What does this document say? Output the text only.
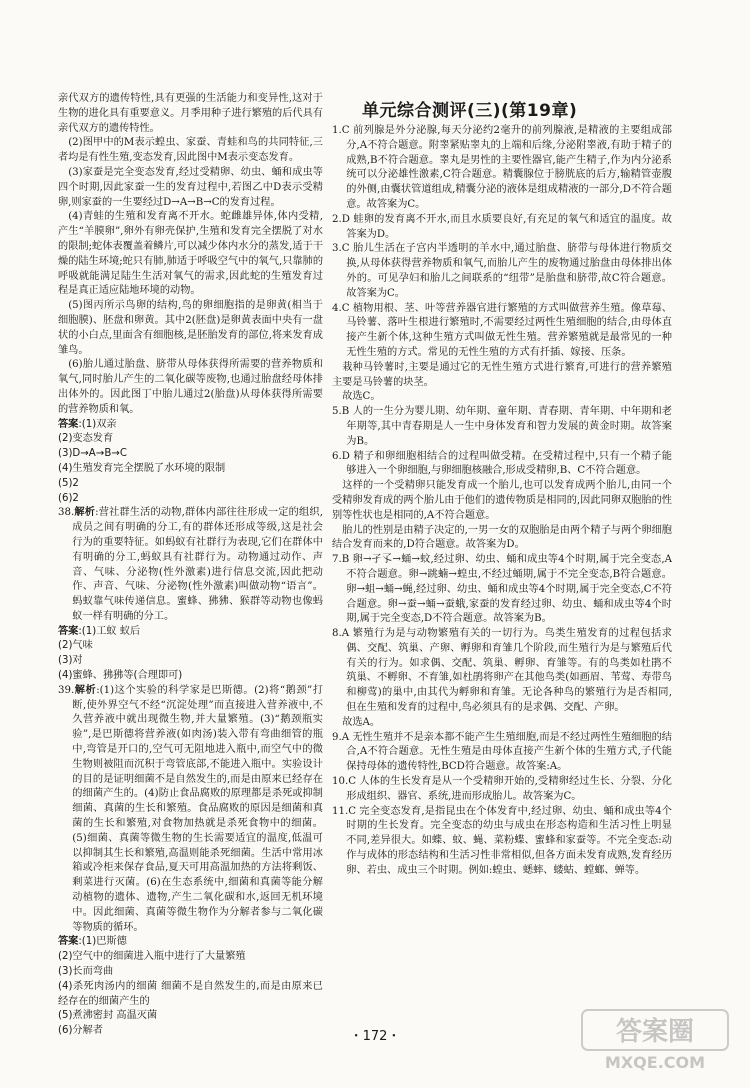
亲代双方的遗传特性,具有更强的生活能力和变异性,这对于生物的进化具有重要意义。月季用种子进行繁殖的后代具有亲代双方的遗传特性。

(2)图甲中的M表示蝗虫、家蚕、青蛙和鸟的共同特征,三者均是有性生殖,变态发育,因此图中M表示变态发育。

(3)家蚕是完全变态发育,经过受精卵、幼虫、蛹和成虫等四个时期,因此家蚕一生的发育过程中,若图乙中D表示受精卵,则家蚕的一生要经过D→A→B→C的发育过程。

(4)青蛙的生殖和发育离不开水。蛇雌雄异体,体内受精,产生“羊膜卵”,卵外有卵壳保护,生殖和发育完全摆脱了对水的限制;蛇体表覆盖着鳞片,可以减少体内水分的蒸发,适于干燥的陆生环境;蛇只有肺,肺适于呼吸空气中的氧气,只靠肺的呼吸就能满足陆生生活对氧气的需求,因此蛇的生殖发育过程是真正适应陆地环境的动物。

(5)图丙所示鸟卵的结构,鸟的卵细胞指的是卵黄(相当于细胞膜)、胚盘和卵黄。其中2(胚盘)是卵黄表面中央有一盘状的小白点,里面含有细胞核,是胚胎发育的部位,将来发育成雏鸟。

(6)胎儿通过胎盘、脐带从母体获得所需要的营养物质和氧气,同时胎儿产生的二氧化碳等废物,也通过胎盘经母体排出体外的。因此图丁中胎儿通过2(胎盘)从母体获得所需要的营养物质和氧。

答案:(1)双亲

(2)变态发育

(3)D→A→B→C

(4)生殖发育完全摆脱了水环境的限制

(5)2

(6)2

38.解析:营社群生活的动物,群体内部往往形成一定的组织,成员之间有明确的分工,有的群体还形成等级,这是社会行为的重要特征。如蚂蚁有社群行为表现,它们在群体中有明确的分工,蚂蚁具有社群行为。动物通过动作、声音、气味、分泌物(性外激素)进行信息交流,因此把动作、声音、气味、分泌物(性外激素)叫做动物“语言”。蚂蚁靠气味传递信息。蜜蜂、狒狒、猴群等动物也像蚂蚁一样有明确的分工。

答案:(1)工蚁 蚁后

(2)气味

(3)对

(4)蜜蜂、狒狒等(合理即可)

39.解析:(1)这个实验的科学家是巴斯德。(2)将“鹅颈”打断,使外界空气不经“沉淀处理”而直接进入营养液中,不久营养液中就出现微生物,并大量繁殖。(3)“鹅颈瓶实验”,是巴斯德将营养液(如肉汤)装入带有弯曲细管的瓶中,弯管是开口的,空气可无阻地进入瓶中,而空气中的微生物则被阻而沉积于弯管底部,不能进入瓶中。实验设计的目的是证明细菌不是自然发生的,而是由原来已经存在的细菌产生的。(4)防止食品腐败的原理都是杀死或抑制细菌、真菌的生长和繁殖。食品腐败的原因是细菌和真菌的生长和繁殖,对食物加热就是杀死食物中的细菌。(5)细菌、真菌等微生物的生长需要适宜的温度,低温可以抑制其生长和繁殖,高温则能杀死细菌。生活中常用冰箱或冷柜来保存食品,夏天可用高温加热的方法将剩饭、剩菜进行灭菌。(6)在生态系统中,细菌和真菌等能分解动植物的遗体、遗物,产生二氧化碳和水,返回无机环境中。因此细菌、真菌等微生物作为分解者参与二氧化碳等物质的循环。

答案:(1)巴斯德

(2)空气中的细菌进入瓶中进行了大量繁殖

(3)长而弯曲

(4)杀死肉汤内的细菌 细菌不是自然发生的,而是由原来已经存在的细菌产生的

(5)煮沸密封 高温灭菌

(6)分解者

单元综合测评(三)(第19章)

1.C 前列腺是外分泌腺,每天分泌约2毫升的前列腺液,是精液的主要组成部分,A不符合题意。附睾紧贴睾丸的上端和后缘,分泌附睾液,有助于精子的成熟,B不符合题意。睾丸是男性的主要性器官,能产生精子,作为内分泌系统可以分泌雄性激素,C符合题意。精囊腺位于膀胱底的后方,输精管壶腹的外侧,由囊状管道组成,精囊分泌的液体是组成精液的一部分,D不符合题意。故答案为C。

2.D 蛙卵的发育离不开水,而且水质要良好,有充足的氧气和适宜的温度。故答案为D。

3.C 胎儿生活在子宫内半透明的羊水中,通过胎盘、脐带与母体进行物质交换,从母体获得营养物质和氧气,而胎儿产生的废物通过胎盘由母体排出体外的。可见孕妇和胎儿之间联系的“纽带”是胎盘和脐带,故C符合题意。故答案为C。

4.C 植物用根、茎、叶等营养器官进行繁殖的方式叫做营养生殖。像草莓、马铃薯、落叶生根进行繁殖时,不需要经过两性生殖细胞的结合,由母体直接产生新个体,这种生殖方式叫做无性生殖。营养繁殖就是最常见的一种无性生殖的方式。常见的无性生殖的方式有扦插、嫁接、压条。

栽种马铃薯时,主要是通过它的无性生殖方式进行繁育,可进行的营养繁殖主要是马铃薯的块茎。

故选C。

5.B 人的一生分为婴儿期、幼年期、童年期、青春期、青年期、中年期和老年期等,其中青春期是人一生中身体发育和智力发展的黄金时期。故答案为B。

6.D 精子和卵细胞相结合的过程叫做受精。在受精过程中,只有一个精子能够进入一个卵细胞,与卵细胞核融合,形成受精卵,B、C不符合题意。

这样的一个受精卵只能发育成一个胎儿,也可以发育成两个胎儿,由同一个受精卵发育成的两个胎儿由于他们的遗传物质是相同的,因此同卵双胞胎的性别等性状也是相同的,A不符合题意。

胎儿的性别是由精子决定的,一男一女的双胞胎是由两个精子与两个卵细胞结合发育而来的,D符合题意。故答案为D。

7.B 卵→孑孓→蛹→蚊,经过卵、幼虫、蛹和成虫等4个时期,属于完全变态,A不符合题意。卵→跳蝻→蝗虫,不经过蛹期,属于不完全变态,B符合题意。卵→蛆→蛹→蝇,经过卵、幼虫、蛹和成虫等4个时期,属于完全变态,C不符合题意。卵→蚕→蛹→蚕蛾,家蚕的发育经过卵、幼虫、蛹和成虫等4个时期,属于完全变态,D不符合题意。故答案为B。

8.A 繁殖行为是与动物繁殖有关的一切行为。鸟类生殖发育的过程包括求偶、交配、筑巢、产卵、孵卵和育雏几个阶段,而生殖行为是与繁殖后代有关的行为。如求偶、交配、筑巢、孵卵、育雏等。有的鸟类如杜鹃不筑巢、不孵卵、不育雏,如杜鹃将卵产在其他鸟类(如画眉、苇莺、寿带鸟和柳莺)的巢中,由其代为孵卵和育雏。无论各种鸟的繁殖行为是否相同,但在生殖和发育的过程中,鸟必须具有的是求偶、交配、产卵。

故选A。

9.A 无性生殖并不是亲本都不能产生生殖细胞,而是不经过两性生殖细胞的结合,A不符合题意。无性生殖是由母体直接产生新个体的生殖方式,子代能保持母体的遗传特性,BCD符合题意。故答案:A。

10.C 人体的生长发育是从一个受精卵开始的,受精卵经过生长、分裂、分化形成组织、器官、系统,进而形成胎儿。故答案为C。

11.C 完全变态发育,是指昆虫在个体发育中,经过卵、幼虫、蛹和成虫等4个时期的生长发育。完全变态的幼虫与成虫在形态构造和生活习性上明显不同,差异很大。如蝶、蚊、蝇、菜粉蝶、蜜蜂和家蚕等。不完全变态:动作与成体的形态结构和生活习性非常相似,但各方面未发育成熟,发育经历卵、若虫、成虫三个时期。例如:蝗虫、蟋蟀、蝼蛄、螳螂、蝉等。

・172・	答案圈
MXQE.COM
